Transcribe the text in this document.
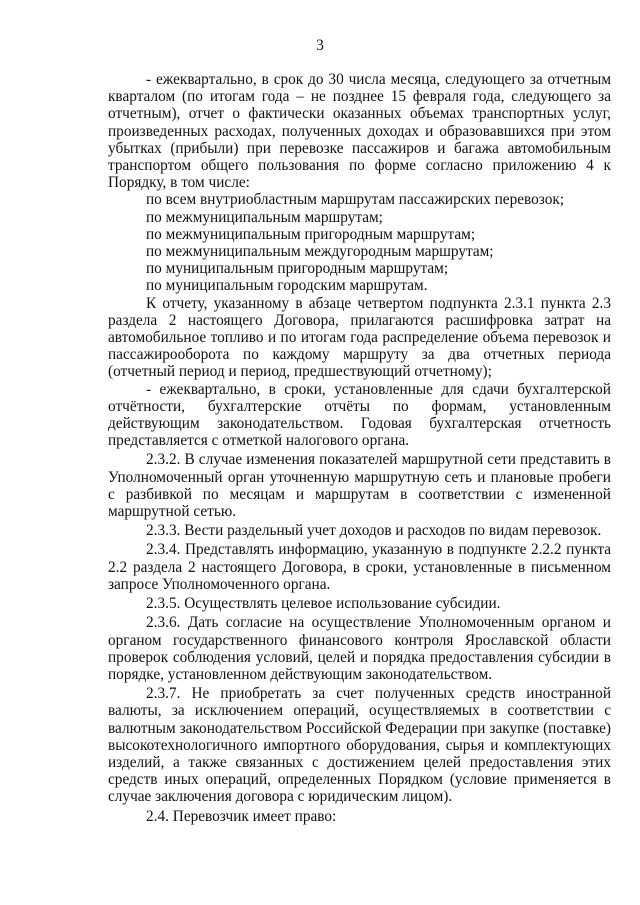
3

- ежеквартально, в срок до 30 числа месяца, следующего за отчетным кварталом (по итогам года – не позднее 15 февраля года, следующего за отчетным), отчет о фактически оказанных объемах транспортных услуг, произведенных расходах, полученных доходах и образовавшихся при этом убытках (прибыли) при перевозке пассажиров и багажа автомобильным транспортом общего пользования по форме согласно приложению 4 к Порядку, в том числе:

по всем внутриобластным маршрутам пассажирских перевозок;

по межмуниципальным маршрутам;

по межмуниципальным пригородным маршрутам;

по межмуниципальным междугородным маршрутам;

по муниципальным пригородным маршрутам;

по муниципальным городским маршрутам.

К отчету, указанному в абзаце четвертом подпункта 2.3.1 пункта 2.3 раздела 2 настоящего Договора, прилагаются расшифровка затрат на автомобильное топливо и по итогам года распределение объема перевозок и пассажирооборота по каждому маршруту за два отчетных периода (отчетный период и период, предшествующий отчетному);

- ежеквартально, в сроки, установленные для сдачи бухгалтерской отчётности, бухгалтерские отчёты по формам, установленным действующим законодательством. Годовая бухгалтерская отчетность представляется с отметкой налогового органа.

2.3.2. В случае изменения показателей маршрутной сети представить в Уполномоченный орган уточненную маршрутную сеть и плановые пробеги с разбивкой по месяцам и маршрутам в соответствии с измененной маршрутной сетью.

2.3.3. Вести раздельный учет доходов и расходов по видам перевозок.

2.3.4. Представлять информацию, указанную в подпункте 2.2.2 пункта 2.2 раздела 2 настоящего Договора, в сроки, установленные в письменном запросе Уполномоченного органа.

2.3.5. Осуществлять целевое использование субсидии.

2.3.6. Дать согласие на осуществление Уполномоченным органом и органом государственного финансового контроля Ярославской области проверок соблюдения условий, целей и порядка предоставления субсидии в порядке, установленном действующим законодательством.

2.3.7. Не приобретать за счет полученных средств иностранной валюты, за исключением операций, осуществляемых в соответствии с валютным законодательством Российской Федерации при закупке (поставке) высокотехнологичного импортного оборудования, сырья и комплектующих изделий, а также связанных с достижением целей предоставления этих средств иных операций, определенных Порядком (условие применяется в случае заключения договора с юридическим лицом).

2.4. Перевозчик имеет право:
